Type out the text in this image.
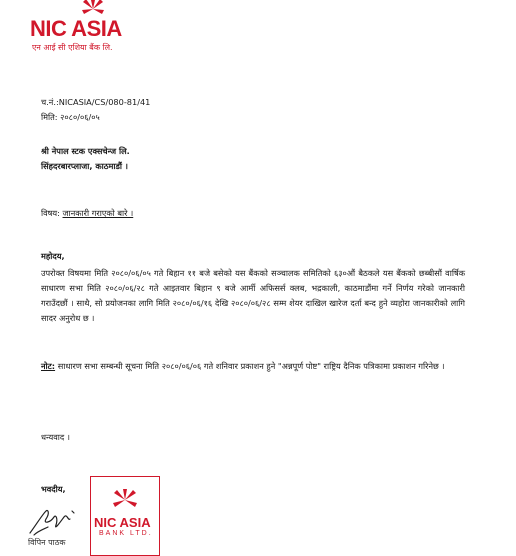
NIC ASIA
एन आई सी एशिया बैंक लि.
च.नं.:NICASIA/CS/080-81/41
मिति: २०८०/०६/०५
श्री नेपाल स्टक एक्सचेन्ज लि.
सिंहदरबारप्लाजा, काठमाडौं ।
विषय: जानकारी गराएको बारे ।
महोदय,
उपरोक्त विषयमा मिति २०८०/०६/०५ गते बिहान ११ बजे बसेको यस बैंकको सञ्चालक समितिको ६३०औं बैठकले यस बैंकको छब्बीसौं वार्षिक साधारण सभा मिति २०८०/०६/२८ गते आइतवार बिहान ९ बजे आर्मी अफिसर्स क्लब, भद्रकाली, काठमाडौंमा गर्ने निर्णय गरेको जानकारी गराउँदछौं । साथै, सो प्रयोजनका लागि मिति २०८०/०६/१६ देखि २०८०/०६/२८ सम्म शेयर दाखिल खारेज दर्ता बन्द हुने व्यहोरा जानकारीको लागि सादर अनुरोध छ ।
नोट: साधारण सभा सम्बन्धी सूचना मिति २०८०/०६/०६ गते शनिवार प्रकाशन हुने "अन्नपूर्ण पोष्ट" राष्ट्रिय दैनिक पत्रिकामा प्रकाशन गरिनेछ ।
धन्यवाद ।
भवदीय,
विपिन पाठक
NIC ASIA
BANK LTD.
